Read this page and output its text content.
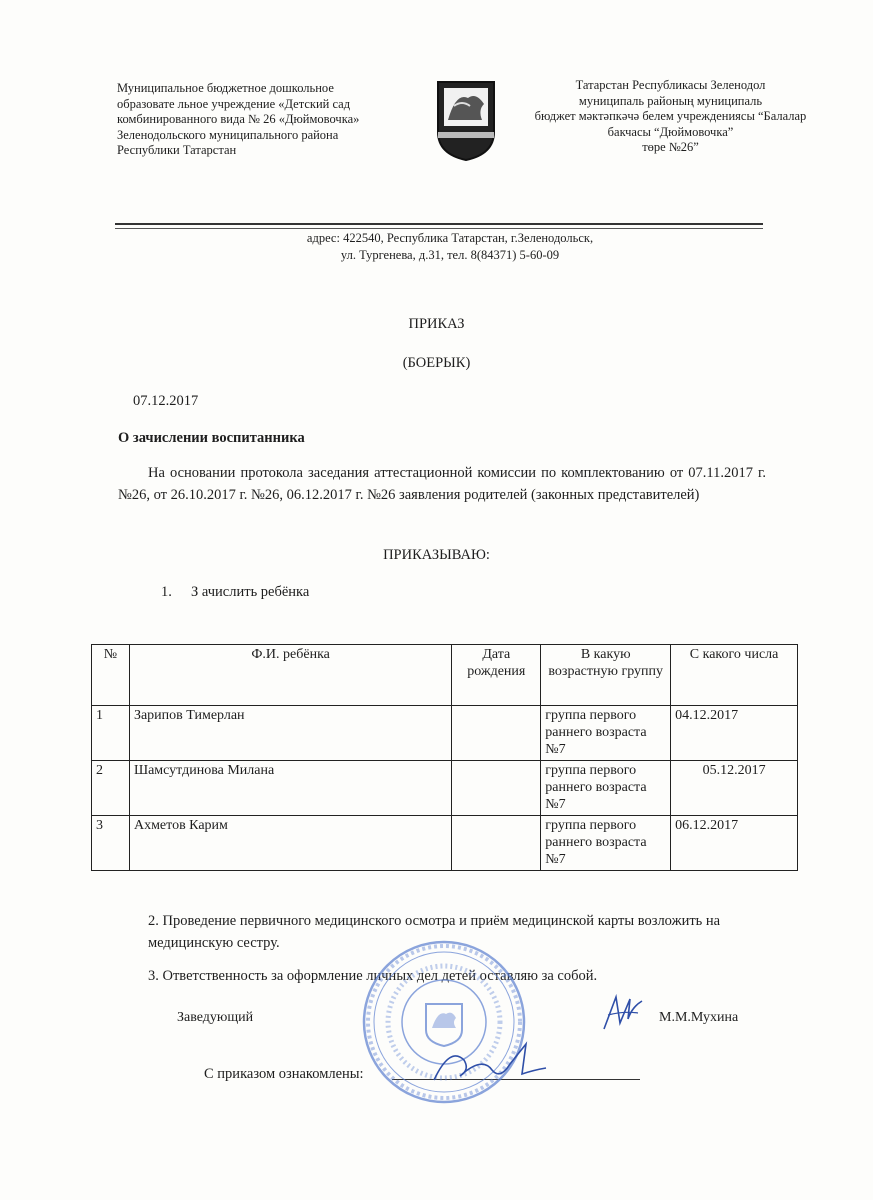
Муниципальное бюджетное дошкольное
образовате льное учреждение «Детский сад
комбинированного вида № 26 «Дюймовочка»
Зеленодольского муниципального района
Республики Татарстан
Татарстан Республикасы Зеленодол
муниципаль районың муниципаль
бюджет мәктәпкәчә белем учреждениясы “Балалар
бакчасы “Дюймовочка”
төре №26”
адрес: 422540, Республика Татарстан, г.Зеленодольск,
ул. Тургенева, д.31, тел. 8(84371) 5-60-09
ПРИКАЗ
(БОЕРЫК)
07.12.2017
О зачислении воспитанника
На основании протокола заседания аттестационной комиссии по комплектованию от 07.11.2017 г. №26, от 26.10.2017 г. №26, 06.12.2017 г. №26 заявления родителей (законных представителей)
ПРИКАЗЫВАЮ:
1. З ачислить ребёнка
№	Ф.И. ребёнка	Дата рождения	В какую возрастную группу	С какого числа
1	Зарипов Тимерлан		группа первого раннего возраста №7	04.12.2017
2	Шамсутдинова Милана		группа первого раннего возраста №7	05.12.2017
3	Ахметов Карим		группа первого раннего возраста №7	06.12.2017
2. Проведение первичного медицинского осмотра и приём медицинской карты возложить на медицинскую сестру.
3. Ответственность за оформление личных дел детей оставляю за собой.
Заведующий	М.М.Мухина
С приказом ознакомлены:
